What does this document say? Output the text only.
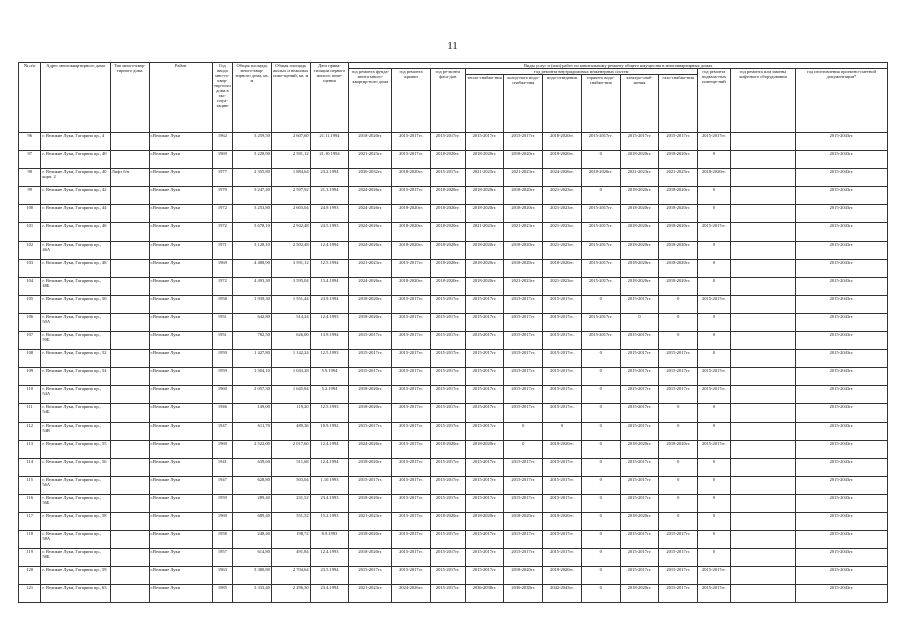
11
№ п/п	Адрес многоквартирного дома	Тип много-квар-тирного дома	Район	Год ввода мно-го-квар-тир-ного дома в экс-плуа-тацию	Общая площадь много-квар-тирного дома, кв. м	Общая площадь жилых и нежилых поме-щений, кв. м	Дата прива-тизации первого жилого поме-щения	Виды услуг и (или) работ по капитальному ремонту общего имущества в многоквартирных домах											
								год ремонта фунда-мента много-квартир-ного дома	год ремонта крыши	год ре-монта фаса-дов	год ремонта внутридомовых инженерных систем						год ремонта подваль-ных помеще-ний	год ремонта или замены лифтового оборудования	год изготовления проектно-сметной документации*
											тепло-снабже-ния	холод-ного водо-снабже-ния	водо-отведения	горячего водо-снабже-ния	электро-снаб-жения	газо-снабже-ния			
96	г. Великие Луки, Гагарина пр., 4		г.Великие Луки	1962	3 259,50	2 607,60	21.11.1994	2018-2020гг.	2015-2017гг.	2015-2017гг.	2015-2017гг.	2015-2017гг.	2018-2020гг.	2015-2017гг.	2015-2017гг.	2015-2017гг.	2015-2017гг.		2015-2043гг.
97	г. Великие Луки, Гагарина пр., 40		г.Великие Луки	1969	3 228,90	2 581,12	21.10.1994	2021-2023гг.	2015-2017гг.	2018-2020гг.	2018-2020гг.	2018-2020гг.	2018-2020гг.	0	2018-2020гг.	2018-2020гг.	0		2015-2043гг.
98	г. Великие Луки, Гагарина пр., 40 корп. 2	Лифт б/н	г.Великие Луки	1977	2 355,80	1 884,64	23.2.1994	2030-2032гг.	2018-2020гг.	2015-2017гг.	2021-2023гг.	2021-2023гг.	2024-2026гг.	2018-2020гг.	2021-2023гг.	2021-2023гг.	2018-2020гг.		2015-2043гг.
99	г. Великие Луки, Гагарина пр., 42		г.Великие Луки	1970	3 247,40	2 597,92	21.3.1994	2024-2026гг.	2015-2017гг.	2018-2020гг.	2018-2020гг.	2018-2020гг.	2021-2023гг.	0	2018-2020гг.	2018-2020гг.	0		2015-2043гг.
100	г. Великие Луки, Гагарина пр., 44		г.Великие Луки	1972	3 253,80	2 603,04	24.9.1993	2024-2026гг.	2018-2020гг.	2018-2020гг.	2018-2020гг.	2018-2020гг.	2021-2023гг.	2015-2017гг.	2018-2020гг.	2018-2020гг.	0		2015-2043гг.
101	г. Великие Луки, Гагарина пр., 46		г.Великие Луки	1972	3 678,10	2 942,48	24.5.1993	2024-2026гг.	2018-2020гг.	2018-2020гг.	2021-2023гг.	2021-2023гг.	2021-2023гг.	2015-2017гг.	2018-2020гг.	2018-2020гг.	2015-2017гг.		2015-2043гг.
102	г. Великие Луки, Гагарина пр., 46А		г.Великие Луки	1971	3 128,10	2 502,48	12.4.1994	2024-2026гг.	2018-2020гг.	2018-2020гг.	2018-2020гг.	2018-2020гг.	2021-2023гг.	2015-2017гг.	2018-2020гг.	2018-2020гг.	0		2015-2043гг.
103	г. Великие Луки, Гагарина пр., 48		г.Великие Луки	1969	4 488,90	3 591,12	12.5.1994	2021-2023гг.	2015-2017гг.	2018-2020гг.	2018-2020гг.	2018-2020гг.	2018-2020гг.	2015-2017гг.	2018-2020гг.	2018-2020гг.	0		2015-2043гг.
104	г. Великие Луки, Гагарина пр., 48Б		г.Великие Луки	1972	4 493,30	3 595,04	13.4.1994	2024-2026гг.	2018-2020гг.	2018-2020гг.	2018-2020гг.	2021-2023гг.	2021-2023гг.	2015-2017гг.	2018-2020гг.	2018-2020гг.	0		2015-2043гг.
105	г. Великие Луки, Гагарина пр., 50		г.Великие Луки	1958	1 939,30	1 551,44	23.9.1994	2018-2020гг.	2015-2017гг.	2015-2017гг.	2015-2017гг.	2015-2017гг.	2015-2017гг.	0	2015-2017гг.	0	2015-2017гг.		2015-2043гг.
106	г. Великие Луки, Гагарина пр., 50А		г.Великие Луки	1951	642,80	514,24	12.4.1993	2018-2020гг.	2015-2017гг.	2015-2017гг.	2015-2017гг.	2015-2017гг.	2015-2017гг.	2015-2017гг.	0	0	0		2015-2043гг.
107	г. Великие Луки, Гагарина пр., 50Б		г.Великие Луки	1951	782,50	626,00	13.9.1994	2015-2017гг.	2015-2017гг.	2015-2017гг.	2015-2017гг.	2015-2017гг.	2015-2017гг.	2015-2017гг.	2015-2017гг.	0	0		2015-2043гг.
108	г. Великие Луки, Гагарина пр., 52		г.Великие Луки	1959	1 427,80	1 142,24	12.5.1993	2015-2017гг.	2015-2017гг.	2015-2017гг.	2015-2017гг.	2015-2017гг.	2015-2017гг.	0	2015-2017гг.	2015-2017гг.	0		2015-2043гг.
109	г. Великие Луки, Гагарина пр., 54		г.Великие Луки	1959	1 304,10	1 043,28	5.9.1994	2015-2017гг.	2015-2017гг.	2015-2017гг.	2015-2017гг.	2015-2017гг.	2015-2017гг.	0	2015-2017гг.	2015-2017гг.	2015-2017гг.		2015-2043гг.
110	г. Великие Луки, Гагарина пр., 54А		г.Великие Луки	1960	2 057,30	1 645,84	5.2.1994	2018-2020гг.	2015-2017гг.	2015-2017гг.	2015-2017гг.	2015-2017гг.	2015-2017гг.	0	2015-2017гг.	2015-2017гг.	2015-2017гг.		2015-2043гг.
111	г. Великие Луки, Гагарина пр., 54Б		г.Великие Луки	1946	149,00	119,20	12.5.1993	2018-2020гг.	2015-2017гг.	2015-2017гг.	2015-2017гг.	2015-2017гг.	2015-2017гг.	0	2015-2017гг.	0	0		2015-2043гг.
112	г. Великие Луки, Гагарина пр., 54В		г.Великие Луки	1947	611,70	489,36	10.9.1992	2015-2017гг.	2015-2017гг.	2015-2017гг.	2015-2017гг.	0	0	0	2015-2017гг.	0	0		2015-2043гг.
113	г. Великие Луки, Гагарина пр., 55		г.Великие Луки	1969	2 522,00	2 017,60	12.4.1994	2024-2026гг.	2015-2017гг.	2018-2020гг.	2018-2020гг.	0	2018-2020гг.	0	2018-2020гг.	2018-2020гг.	2015-2017гг.		2015-2043гг.
114	г. Великие Луки, Гагарина пр., 56		г.Великие Луки	1941	639,60	511,68	12.4.1994	2018-2020гг.	2015-2017гг.	2015-2017гг.	2015-2017гг.	2015-2017гг.	2015-2017гг.	0	2015-2017гг.	0	0		2015-2043гг.
115	г. Великие Луки, Гагарина пр., 56А		г.Великие Луки	1947	628,80	503,04	1.10.1993	2015-2017гг.	2015-2017гг.	2015-2017гг.	2015-2017гг.	2015-2017гг.	2015-2017гг.	0	2015-2017гг.	0	0		2015-2043гг.
116	г. Великие Луки, Гагарина пр., 56Б		г.Великие Луки	1959	289,40	231,52	23.4.1993	2018-2020гг.	2015-2017гг.	2015-2017гг.	2015-2017гг.	2015-2017гг.	2015-2017гг.	0	2015-2017гг.	0	0		2015-2043гг.
117	г. Великие Луки, Гагарина пр., 58		г.Великие Луки	1969	689,40	551,52	15.2.1993	2021-2023гг.	2015-2017гг.	2018-2020гг.	2018-2020гг.	2018-2020гг.	2018-2020гг.	0	2018-2020гг.	0	0		2015-2043гг.
118	г. Великие Луки, Гагарина пр., 58А		г.Великие Луки	1958	248,40	198,72	8.9.1993	2018-2020гг.	2015-2017гг.	2015-2017гг.	2015-2017гг.	2015-2017гг.	2015-2017гг.	0	2015-2017гг.	2015-2017гг.	0		2015-2043гг.
119	г. Великие Луки, Гагарина пр., 58Б		г.Великие Луки	1957	614,80	491,84	12.4.1993	2018-2020гг.	2015-2017гг.	2015-2017гг.	2015-2017гг.	2015-2017гг.	2015-2017гг.	0	2015-2017гг.	2015-2017гг.	0		2015-2043гг.
120	г. Великие Луки, Гагарина пр., 59		г.Великие Луки	1963	3 380,80	2 704,64	23.5.1994	2015-2017гг.	2015-2017гг.	2015-2017гг.	2015-2017гг.	2018-2020гг.	2018-2020гг.	0	2015-2017гг.	2015-2017гг.	2015-2017гг.		2015-2043гг.
121	г. Великие Луки, Гагарина пр., 63		г.Великие Луки	1985	3 333,40	2 296,30	23.4.1994	2021-2023гг.	2024-2026гг.	2015-2017гг.	2036-2038гг.	2036-2038гг.	2042-2043гг.	0	2018-2020гг.	2015-2017гг.	2015-2017гг.		2015-2043гг.
